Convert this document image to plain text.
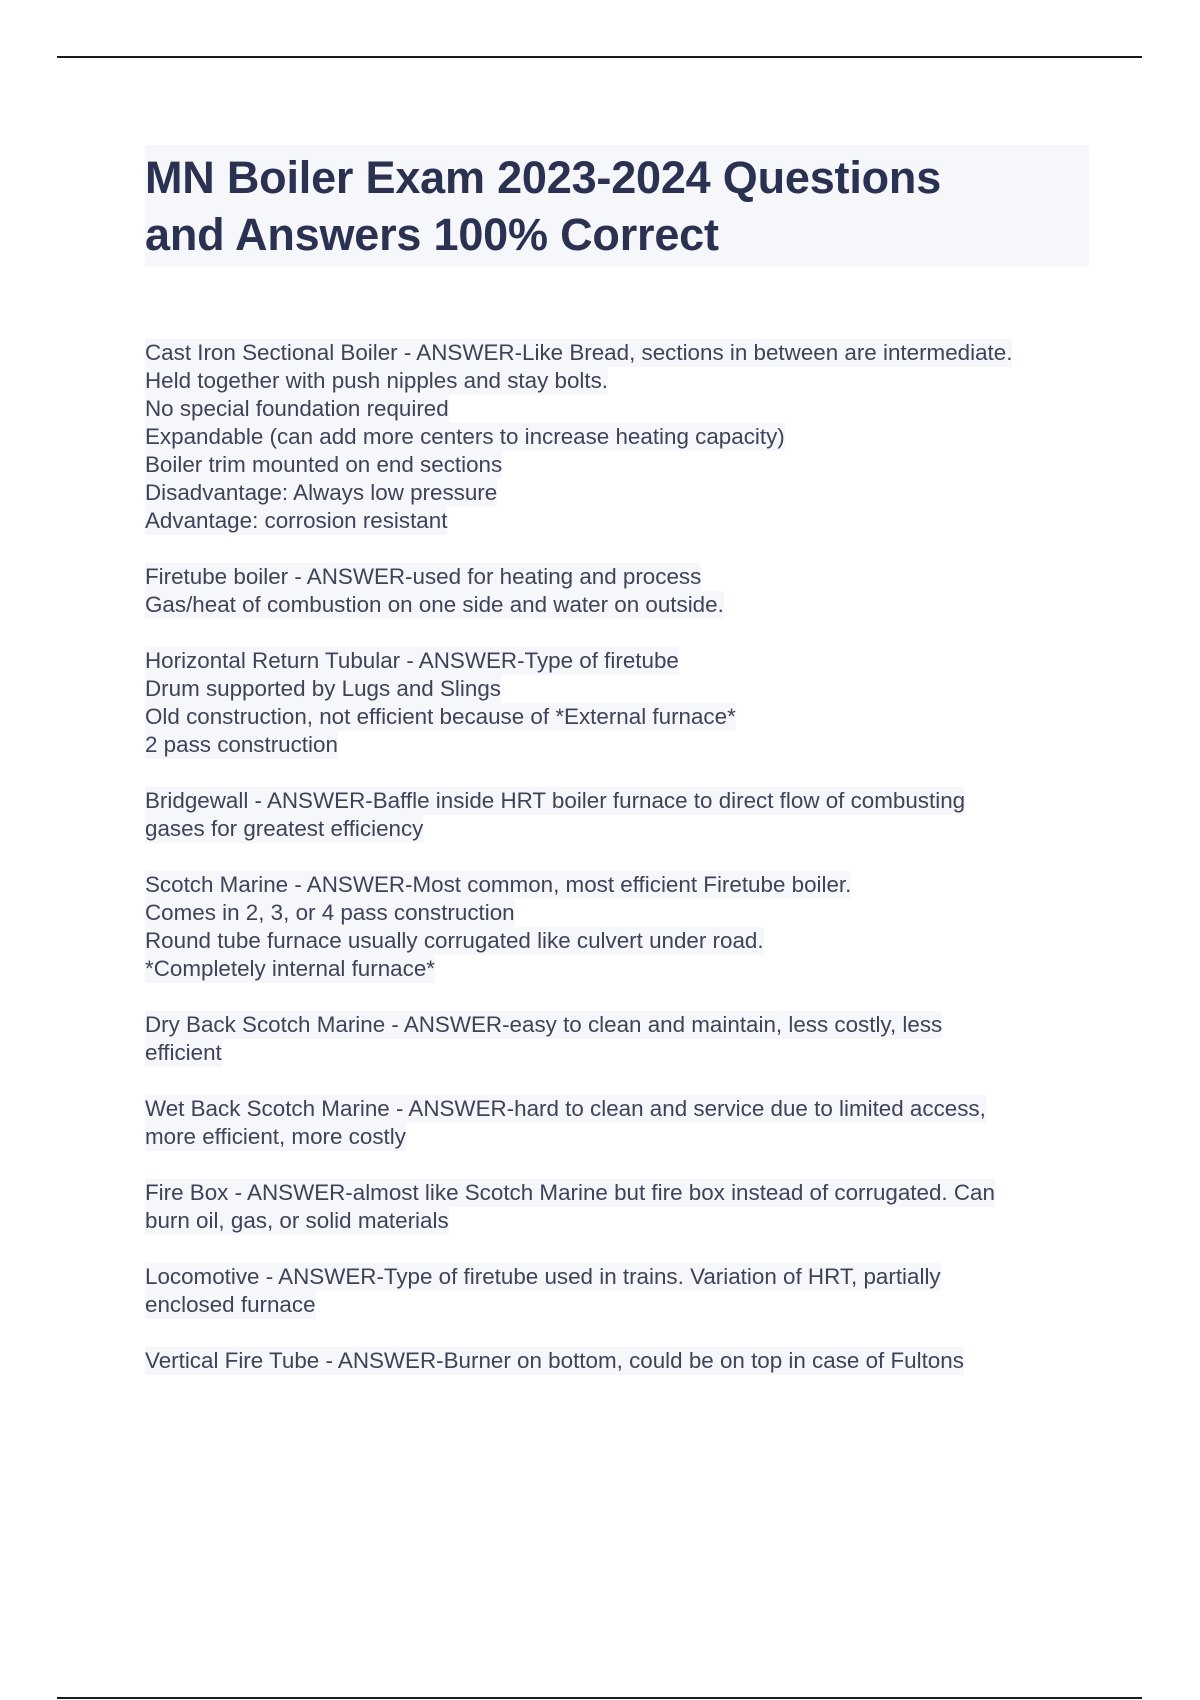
MN Boiler Exam 2023-2024 Questions
and Answers 100% Correct
Cast Iron Sectional Boiler - ANSWER-Like Bread, sections in between are intermediate.
Held together with push nipples and stay bolts.
No special foundation required
Expandable (can add more centers to increase heating capacity)
Boiler trim mounted on end sections
Disadvantage: Always low pressure
Advantage: corrosion resistant
Firetube boiler - ANSWER-used for heating and process
Gas/heat of combustion on one side and water on outside.
Horizontal Return Tubular - ANSWER-Type of firetube
Drum supported by Lugs and Slings
Old construction, not efficient because of *External furnace*
2 pass construction
Bridgewall - ANSWER-Baffle inside HRT boiler furnace to direct flow of combusting
gases for greatest efficiency
Scotch Marine - ANSWER-Most common, most efficient Firetube boiler.
Comes in 2, 3, or 4 pass construction
Round tube furnace usually corrugated like culvert under road.
*Completely internal furnace*
Dry Back Scotch Marine - ANSWER-easy to clean and maintain, less costly, less
efficient
Wet Back Scotch Marine - ANSWER-hard to clean and service due to limited access,
more efficient, more costly
Fire Box - ANSWER-almost like Scotch Marine but fire box instead of corrugated. Can
burn oil, gas, or solid materials
Locomotive - ANSWER-Type of firetube used in trains. Variation of HRT, partially
enclosed furnace
Vertical Fire Tube - ANSWER-Burner on bottom, could be on top in case of Fultons
